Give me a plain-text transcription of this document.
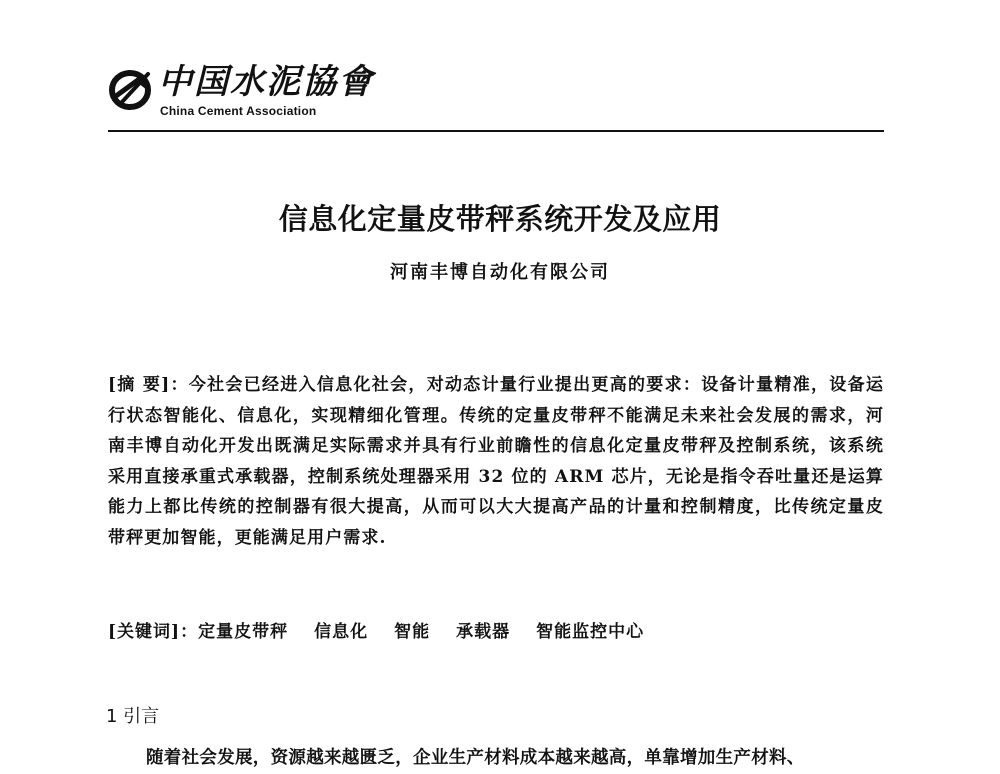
中国水泥協會
China Cement Association
信息化定量皮带秤系统开发及应用
河南丰博自动化有限公司

[摘 要]：今社会已经进入信息化社会，对动态计量行业提出更高的要求：设备计量精准，设备运行状态智能化、信息化，实现精细化管理。传统的定量皮带秤不能满足未来社会发展的需求，河南丰博自动化开发出既满足实际需求并具有行业前瞻性的信息化定量皮带秤及控制系统，该系统采用直接承重式承载器，控制系统处理器采用 32 位的 ARM 芯片，无论是指令吞吐量还是运算能力上都比传统的控制器有很大提高，从而可以大大提高产品的计量和控制精度，比传统定量皮带秤更加智能，更能满足用户需求.

[关键词]：定量皮带秤 信息化 智能 承载器 智能监控中心
1 引言
随着社会发展，资源越来越匮乏，企业生产材料成本越来越高，单靠增加生产材料、
